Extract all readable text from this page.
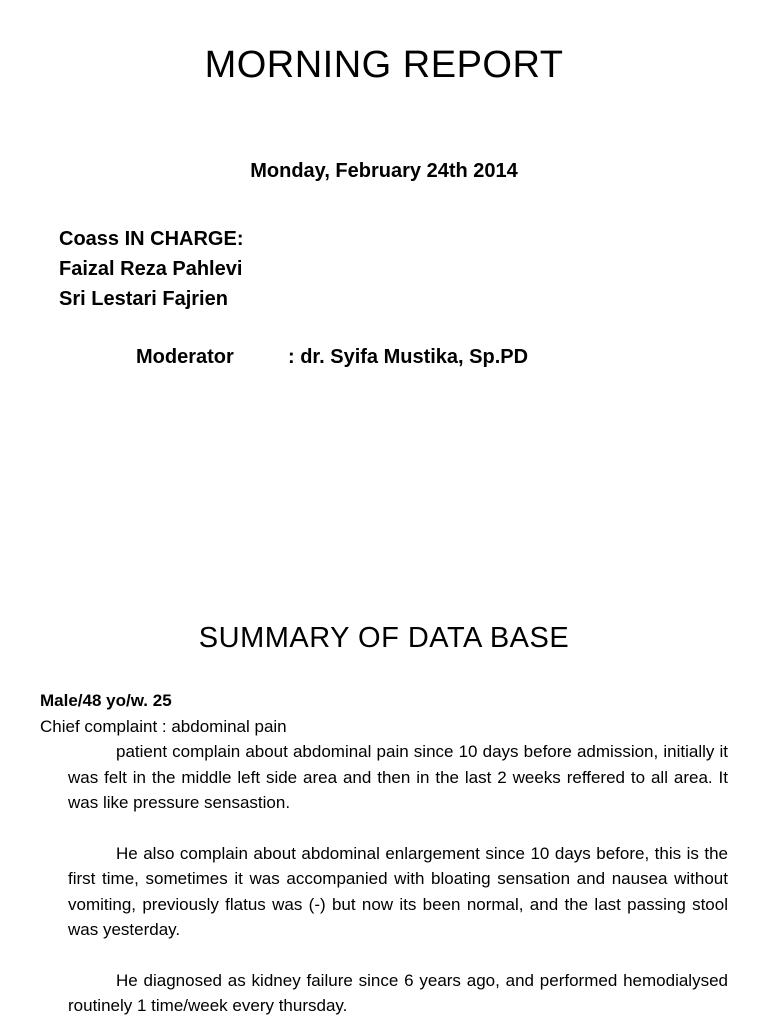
MORNING REPORT
Monday, February 24th 2014
Coass IN CHARGE:
Faizal Reza Pahlevi
Sri Lestari Fajrien
Moderator	: dr. Syifa Mustika, Sp.PD
SUMMARY OF DATA BASE
Male/48 yo/w. 25
Chief complaint : abdominal pain

patient complain about abdominal pain since 10 days before admission, initially it was felt in the middle left side area and then in the last 2 weeks reffered to all area. It was like pressure sensastion.

He also complain about abdominal enlargement since 10 days before, this is the first time, sometimes it was accompanied with bloating sensation and nausea without vomiting, previously flatus was (-) but now its been normal, and the last passing stool was yesterday.

He diagnosed as kidney failure since 6 years ago, and performed hemodialysed routinely 1 time/week every thursday.
